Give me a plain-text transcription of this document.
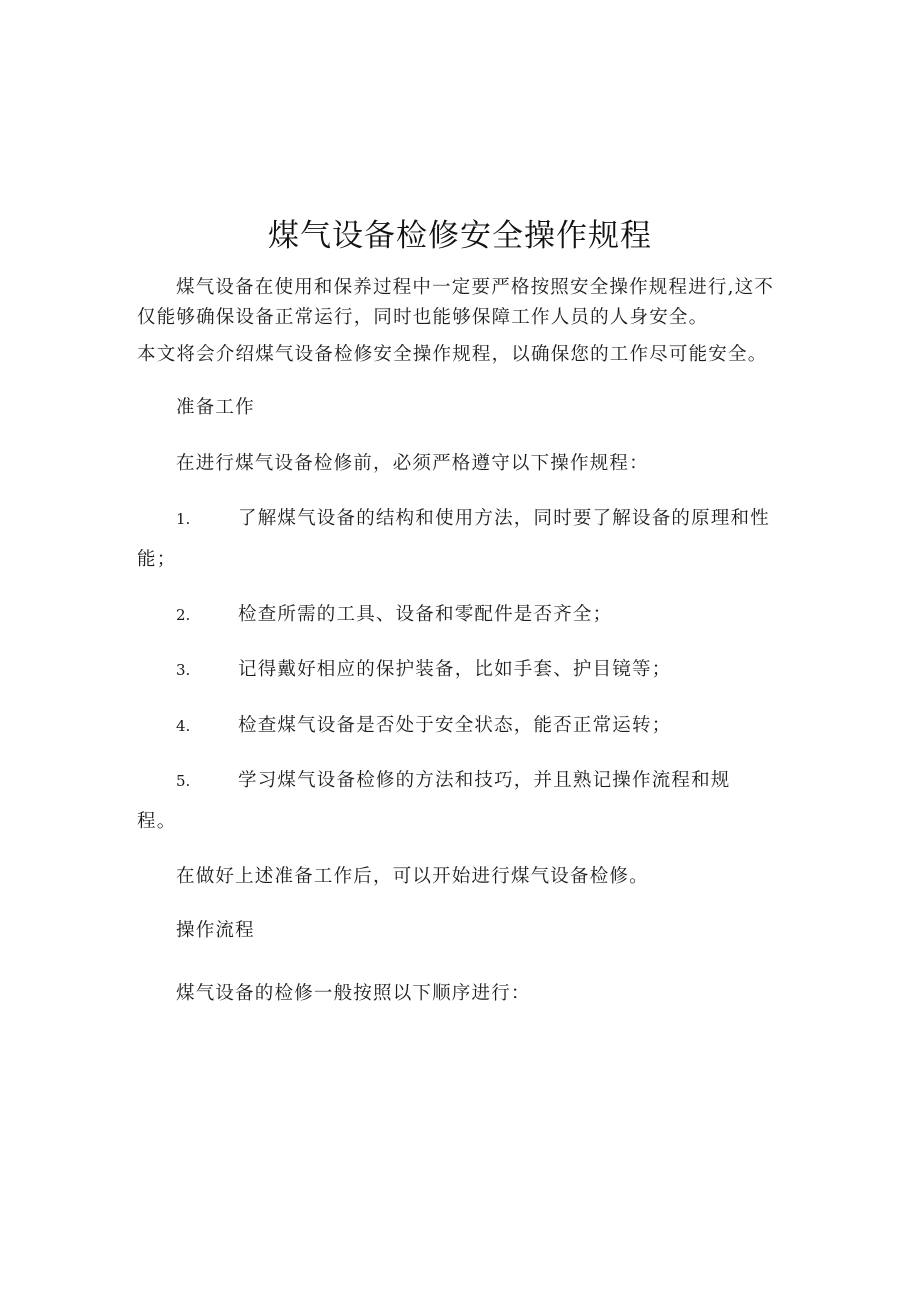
煤气设备检修安全操作规程

煤气设备在使用和保养过程中一定要严格按照安全操作规程进行,这不

仅能够确保设备正常运行，同时也能够保障工作人员的人身安全。

本文将会介绍煤气设备检修安全操作规程，以确保您的工作尽可能安全。

准备工作

在进行煤气设备检修前，必须严格遵守以下操作规程：

1.	了解煤气设备的结构和使用方法，同时要了解设备的原理和性
能；
2.	检查所需的工具、设备和零配件是否齐全；
3.	记得戴好相应的保护装备，比如手套、护目镜等；
4.	检查煤气设备是否处于安全状态，能否正常运转；
5.	学习煤气设备检修的方法和技巧，并且熟记操作流程和规
程。

在做好上述准备工作后，可以开始进行煤气设备检修。

操作流程

煤气设备的检修一般按照以下顺序进行：
